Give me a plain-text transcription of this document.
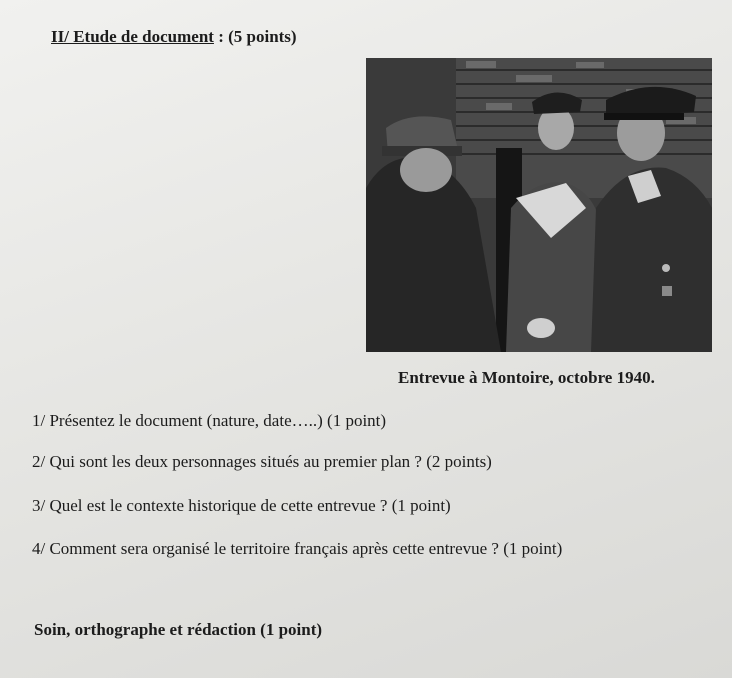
II/ Etude de document : (5 points)
Entrevue à Montoire, octobre 1940.
1/ Présentez le document (nature, date…..) (1 point)
2/ Qui sont les deux personnages situés au premier plan ? (2 points)
3/ Quel est le contexte historique de cette entrevue ? (1 point)
4/ Comment sera organisé le territoire français après cette entrevue ? (1 point)
Soin, orthographe et rédaction (1 point)
